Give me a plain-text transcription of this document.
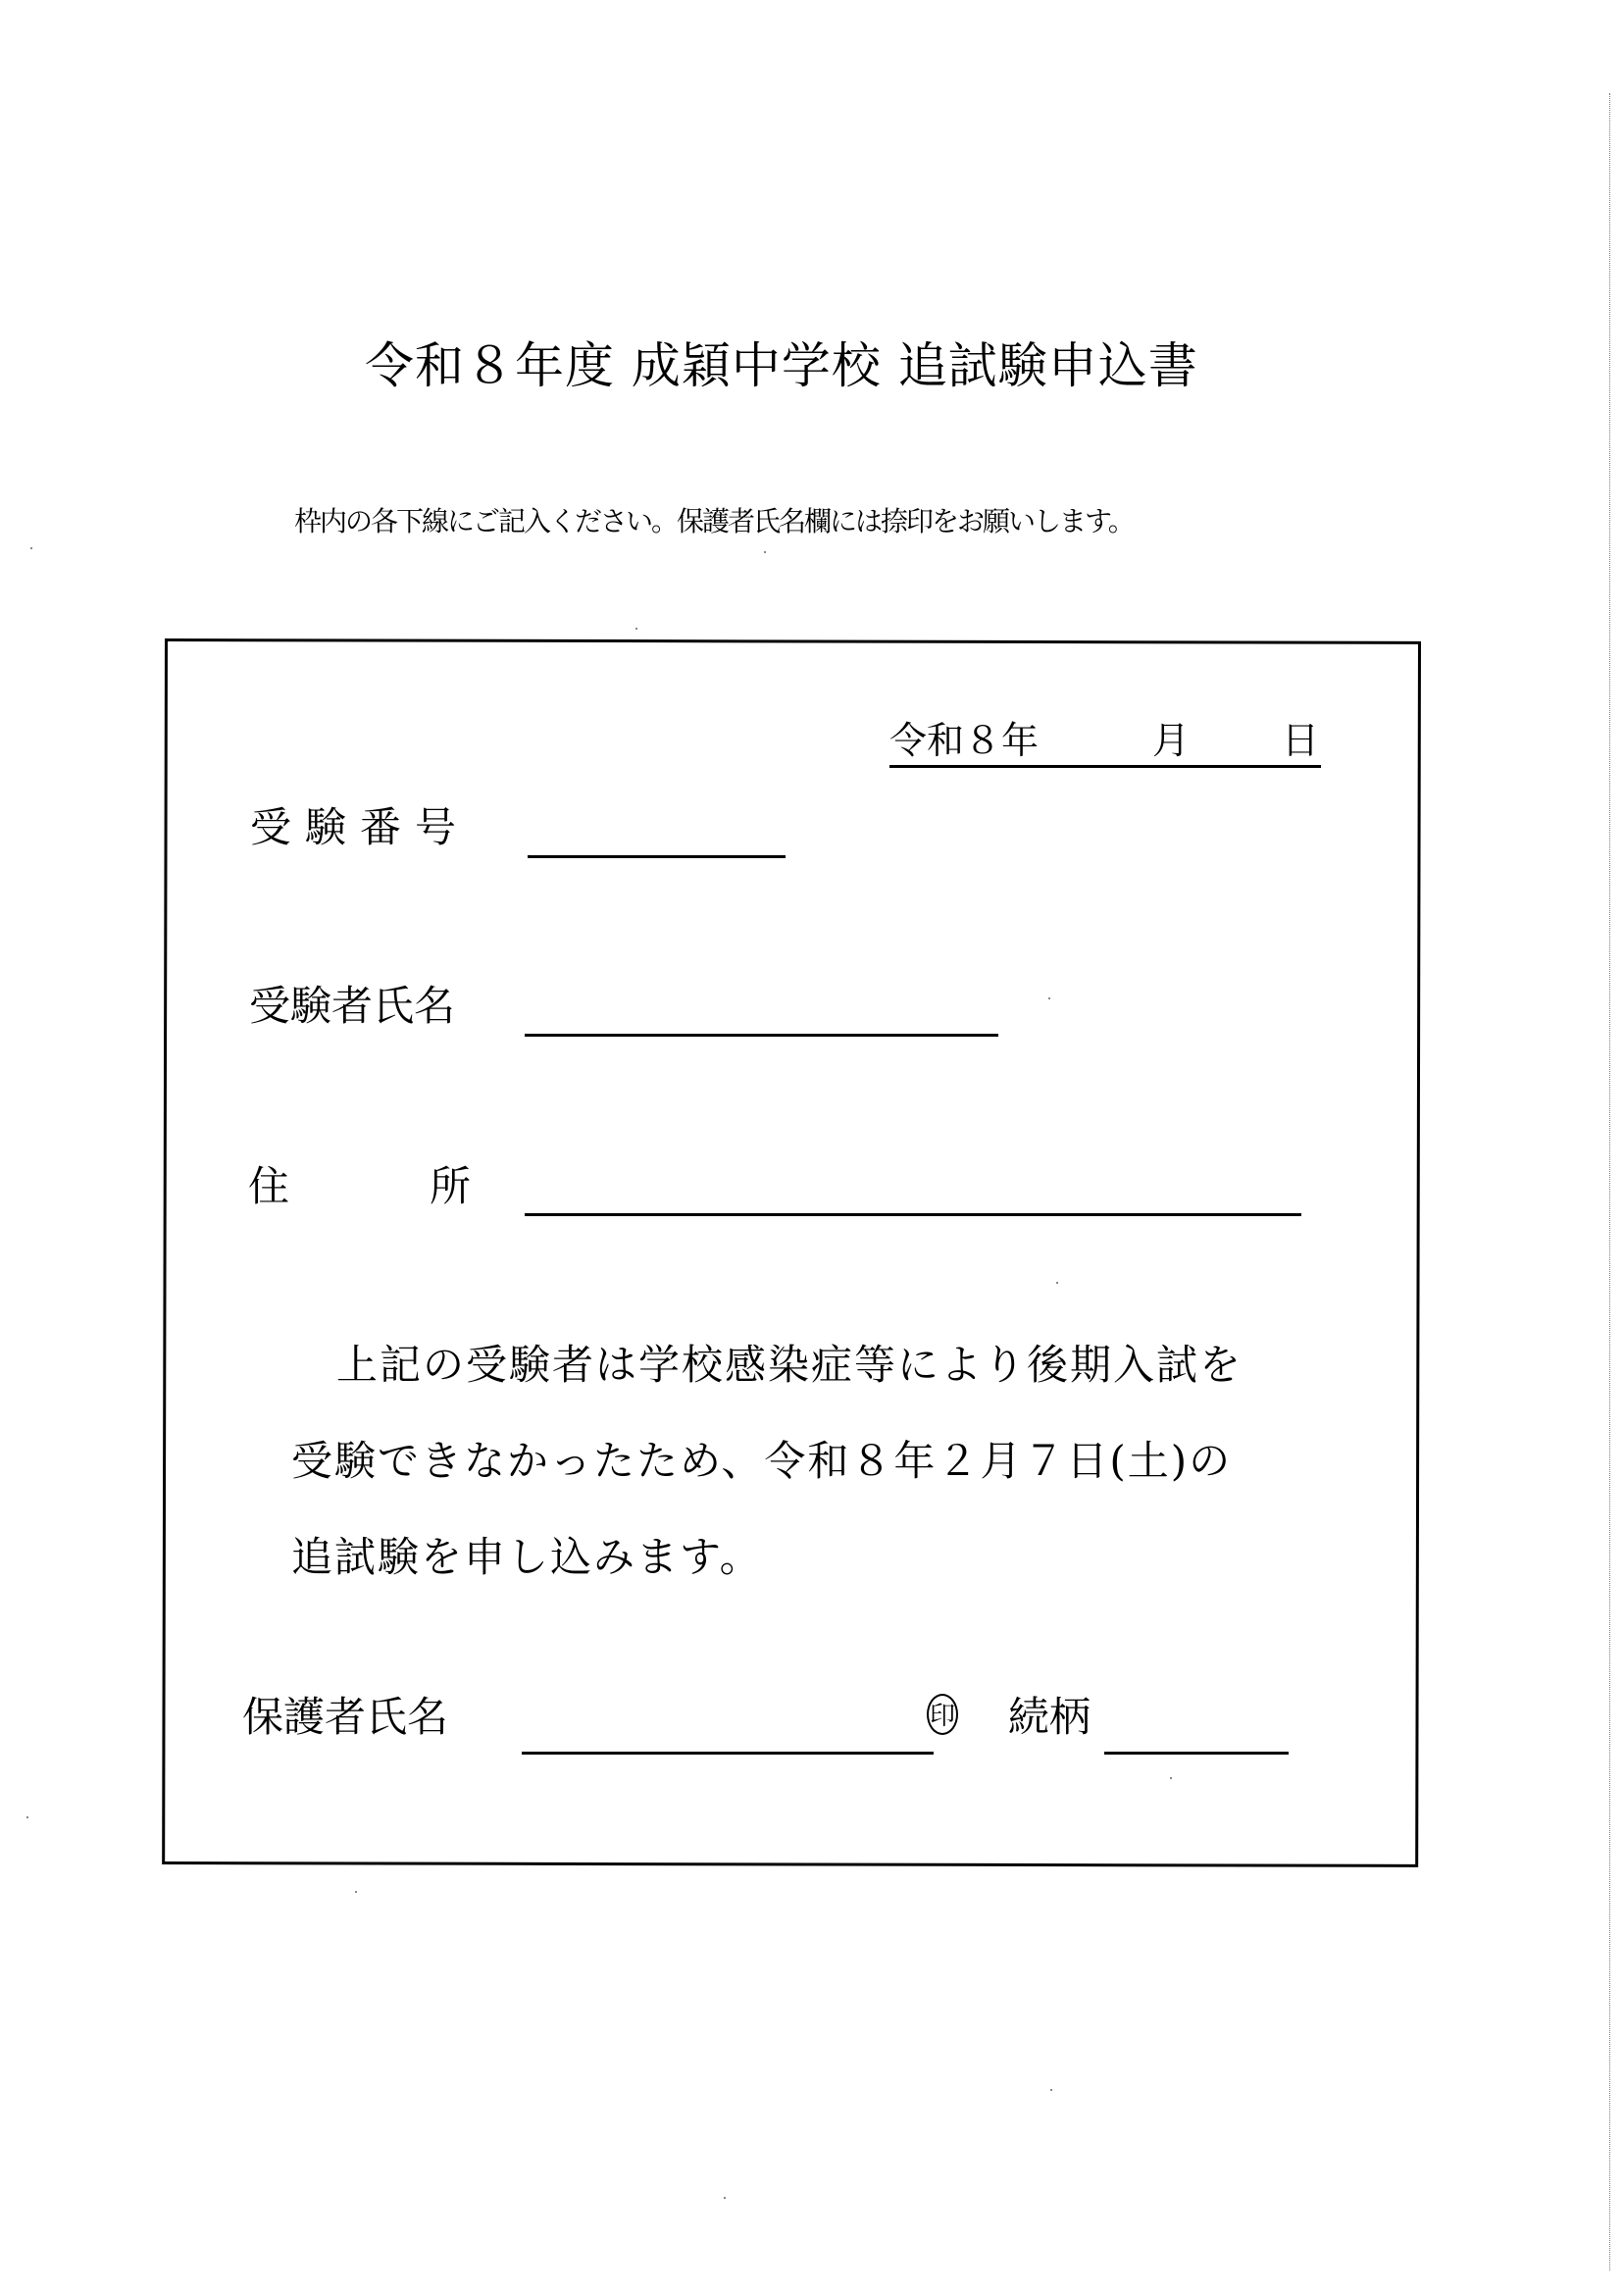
令和８年度 成穎中学校 追試験申込書
枠内の各下線にご記入ください。保護者氏名欄には捺印をお願いします。
令和８年	月 日
受験番号
受験者氏名
住	所
上記の受験者は学校感染症等により後期入試を
受験できなかったため、令和８年２月７日(土)の
追試験を申し込みます。
保護者氏名	印 続柄
